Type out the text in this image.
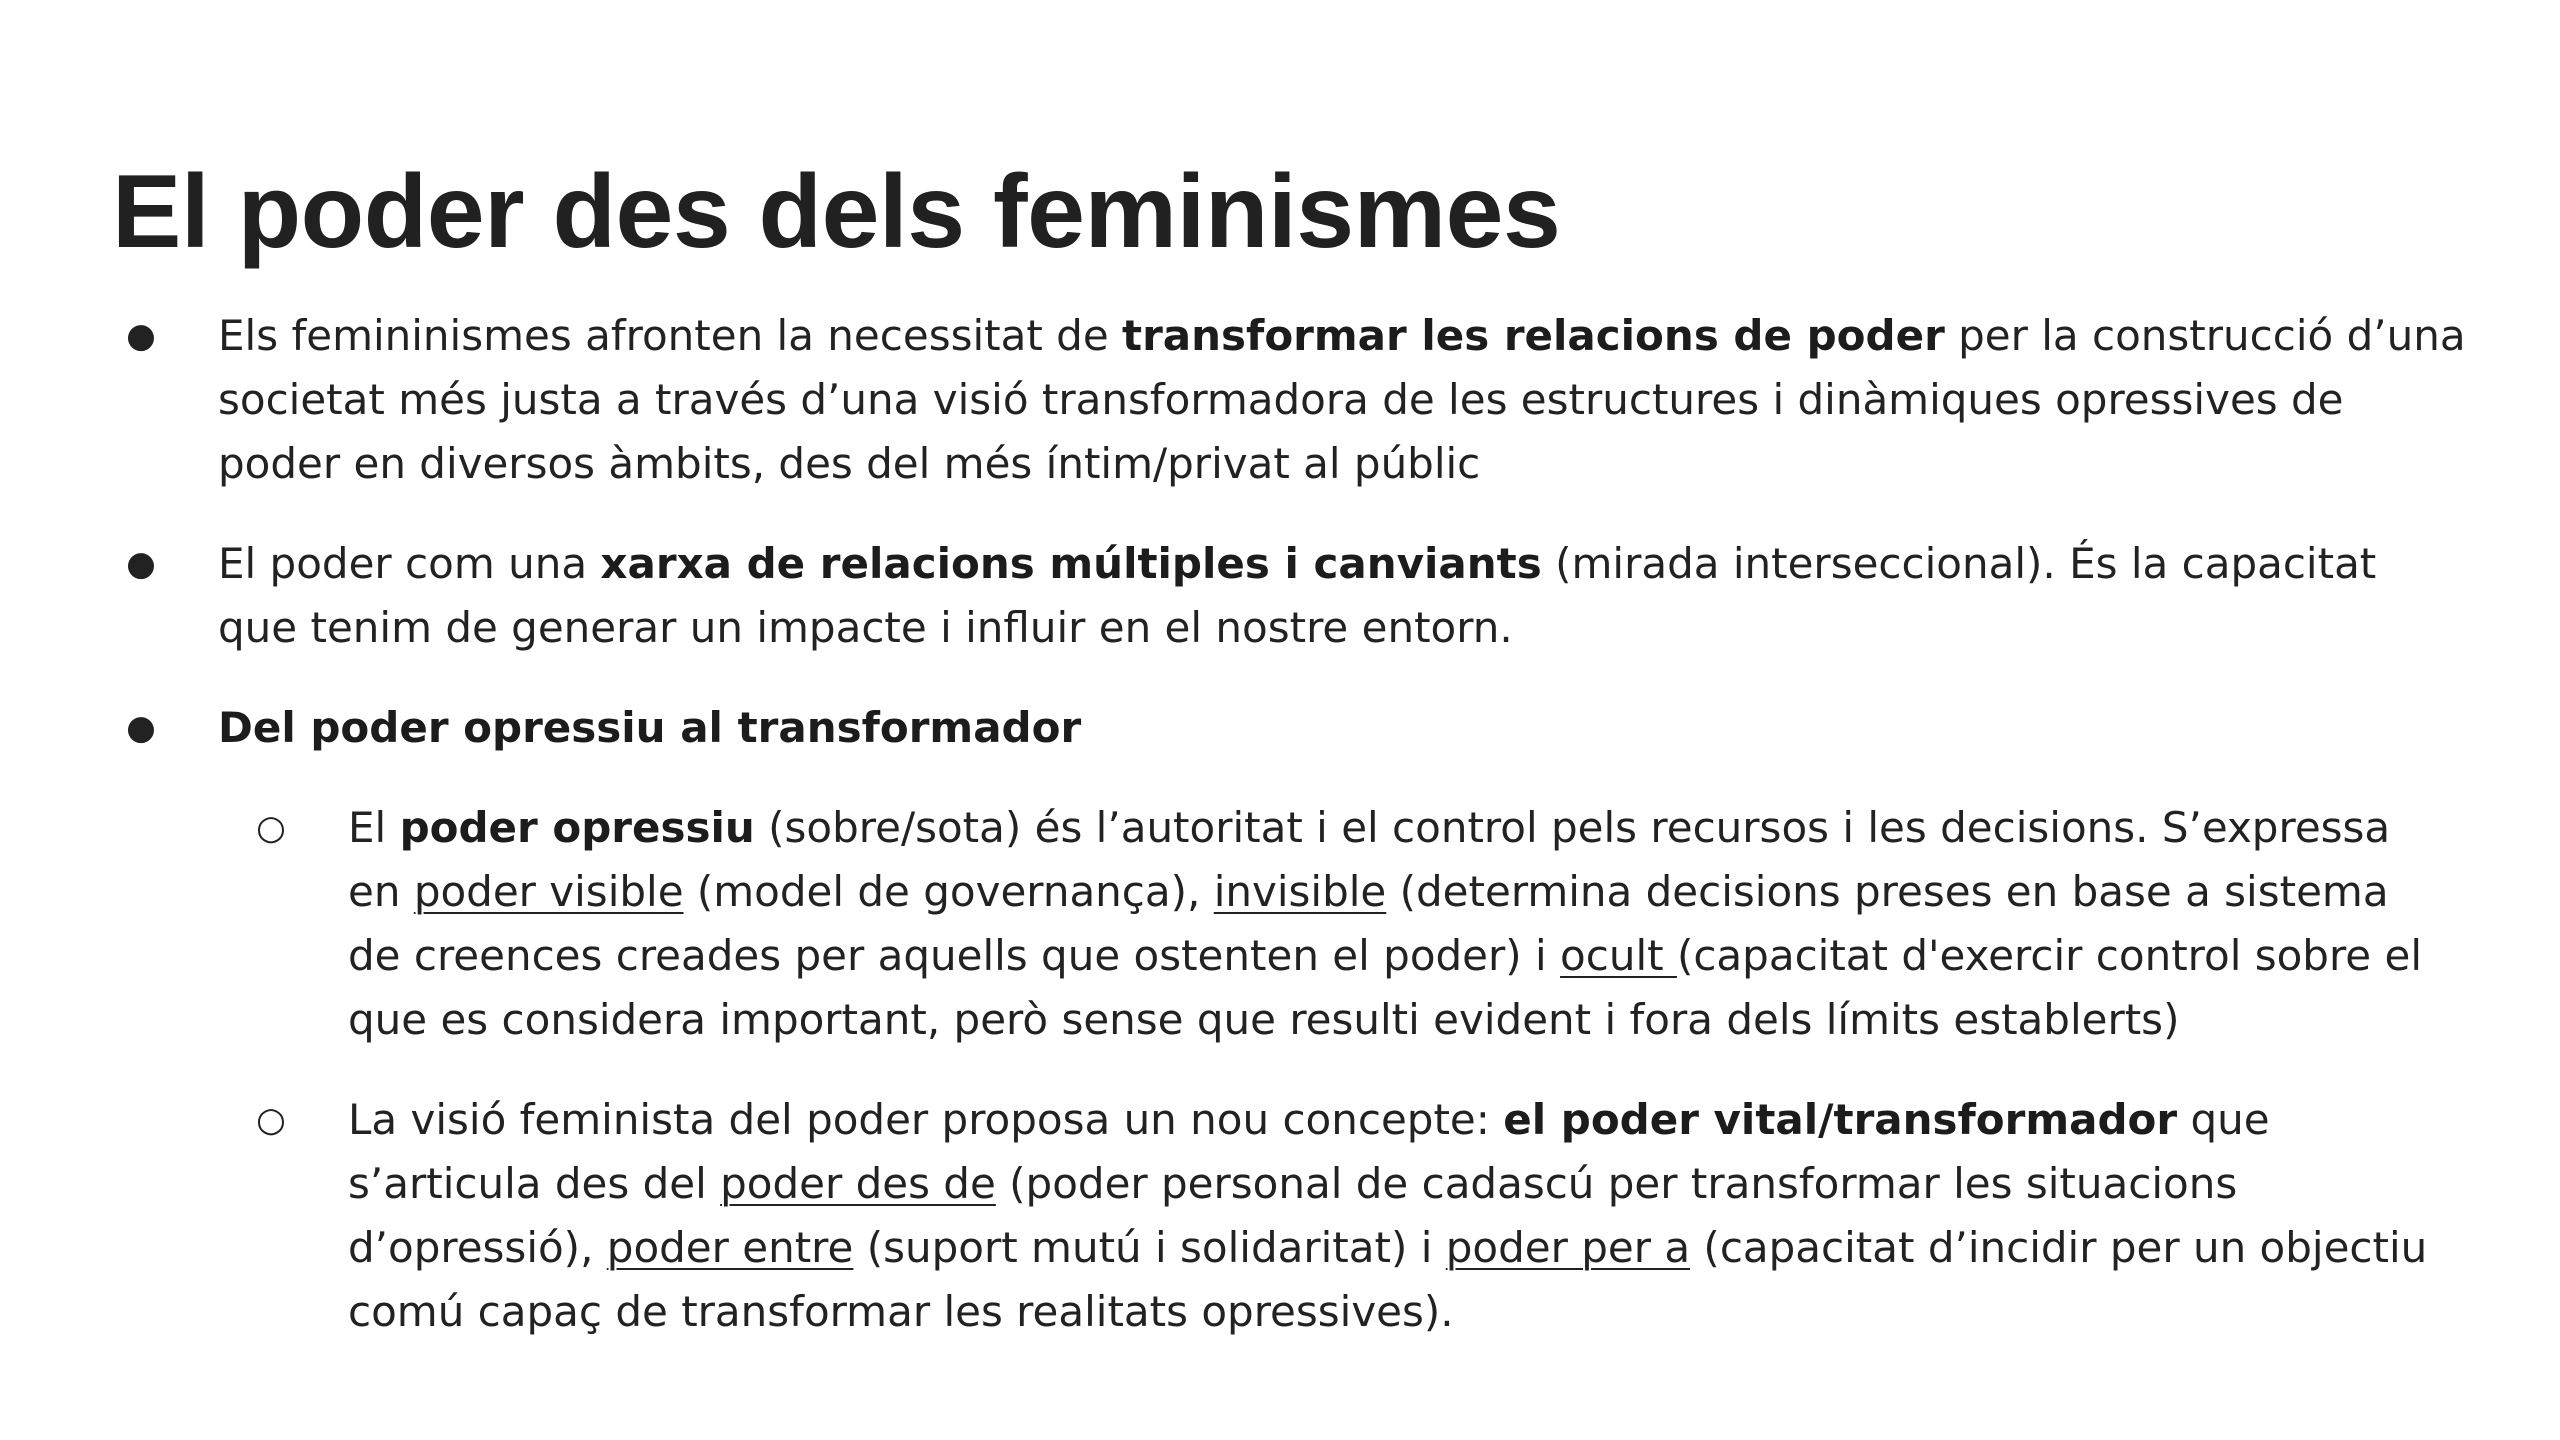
El poder des dels feminismes
●	Els femininismes afronten la necessitat de transformar les relacions de poder per la construcció d’una societat més justa a través d’una visió transformadora de les estructures i dinàmiques opressives de poder en diversos àmbits, des del més íntim/privat al públic

●	El poder com una xarxa de relacions múltiples i canviants (mirada interseccional). És la capacitat que tenim de generar un impacte i influir en el nostre entorn.

●	Del poder opressiu al transformador

○	El poder opressiu (sobre/sota) és l’autoritat i el control pels recursos i les decisions. S’expressa en poder visible (model de governança), invisible (determina decisions preses en base a sistema de creences creades per aquells que ostenten el poder) i ocult (capacitat d'exercir control sobre el que es considera important, però sense que resulti evident i fora dels límits establerts)

○	La visió feminista del poder proposa un nou concepte: el poder vital/transformador que s’articula des del poder des de (poder personal de cadascú per transformar les situacions d’opressió), poder entre (suport mutú i solidaritat) i poder per a (capacitat d’incidir per un objectiu comú capaç de transformar les realitats opressives).
